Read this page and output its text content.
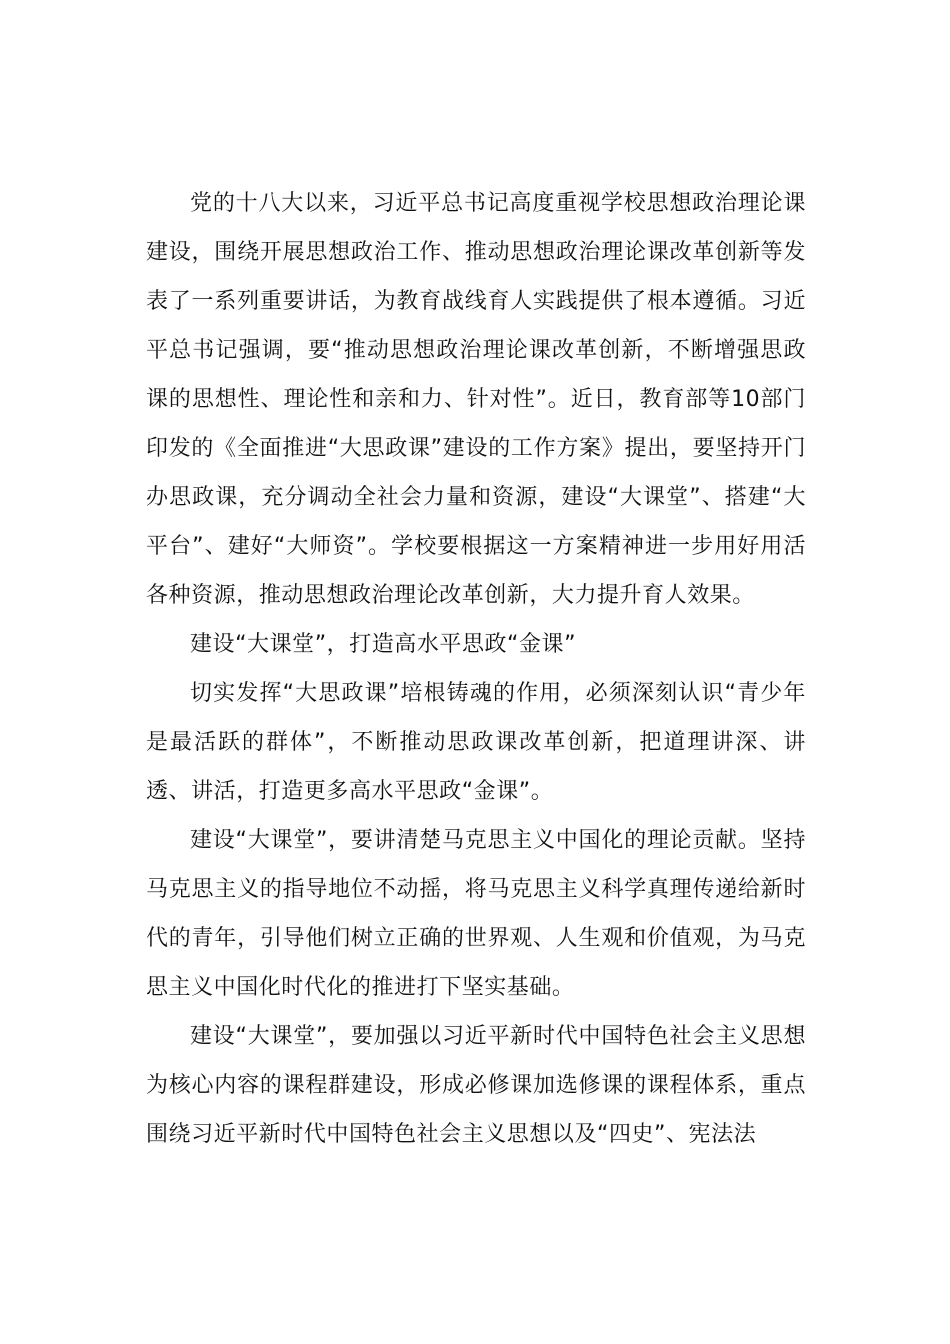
党的十八大以来，习近平总书记高度重视学校思想政治理论课建设，围绕开展思想政治工作、推动思想政治理论课改革创新等发表了一系列重要讲话，为教育战线育人实践提供了根本遵循。习近平总书记强调，要“推动思想政治理论课改革创新，不断增强思政课的思想性、理论性和亲和力、针对性”。近日，教育部等10部门印发的《全面推进“大思政课”建设的工作方案》提出，要坚持开门办思政课，充分调动全社会力量和资源，建设“大课堂”、搭建“大平台”、建好“大师资”。学校要根据这一方案精神进一步用好用活各种资源，推动思想政治理论改革创新，大力提升育人效果。

建设“大课堂”，打造高水平思政“金课”

切实发挥“大思政课”培根铸魂的作用，必须深刻认识“青少年是最活跃的群体”，不断推动思政课改革创新，把道理讲深、讲透、讲活，打造更多高水平思政“金课”。

建设“大课堂”，要讲清楚马克思主义中国化的理论贡献。坚持马克思主义的指导地位不动摇，将马克思主义科学真理传递给新时代的青年，引导他们树立正确的世界观、人生观和价值观，为马克思主义中国化时代化的推进打下坚实基础。

建设“大课堂”，要加强以习近平新时代中国特色社会主义思想为核心内容的课程群建设，形成必修课加选修课的课程体系，重点围绕习近平新时代中国特色社会主义思想以及“四史”、宪法法
